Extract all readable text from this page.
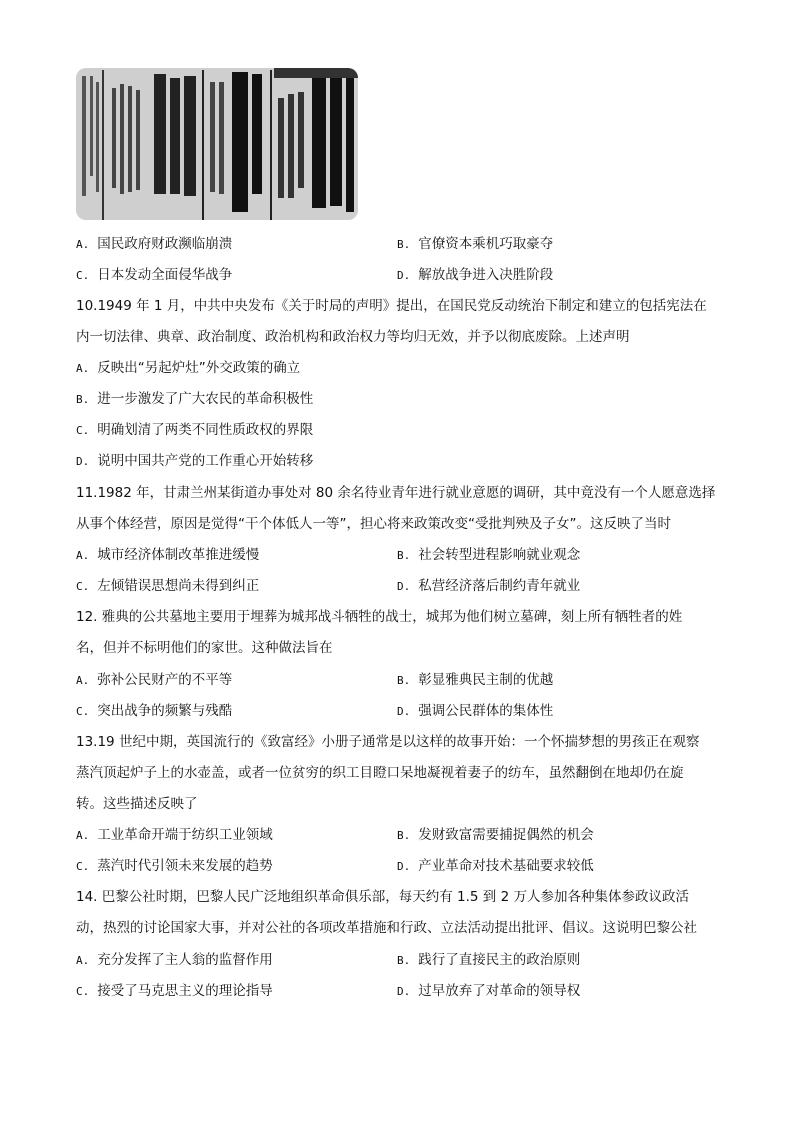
A. 国民政府财政濒临崩溃	B. 官僚资本乘机巧取豪夺
C. 日本发动全面侵华战争	D. 解放战争进入决胜阶段
10.1949 年 1 月，中共中央发布《关于时局的声明》提出，在国民党反动统治下制定和建立的包括宪法在
内一切法律、典章、政治制度、政治机构和政治权力等均归无效，并予以彻底废除。上述声明
A. 反映出“另起炉灶”外交政策的确立
B. 进一步激发了广大农民的革命积极性
C. 明确划清了两类不同性质政权的界限
D. 说明中国共产党的工作重心开始转移
11.1982 年，甘肃兰州某街道办事处对 80 余名待业青年进行就业意愿的调研，其中竟没有一个人愿意选择
从事个体经营，原因是觉得“干个体低人一等”，担心将来政策改变“受批判殃及子女”。这反映了当时
A. 城市经济体制改革推进缓慢	B. 社会转型进程影响就业观念
C. 左倾错误思想尚未得到纠正	D. 私营经济落后制约青年就业
12. 雅典的公共墓地主要用于埋葬为城邦战斗牺牲的战士，城邦为他们树立墓碑，刻上所有牺牲者的姓
名，但并不标明他们的家世。这种做法旨在
A. 弥补公民财产的不平等	B. 彰显雅典民主制的优越
C. 突出战争的频繁与残酷	D. 强调公民群体的集体性
13.19 世纪中期，英国流行的《致富经》小册子通常是以这样的故事开始：一个怀揣梦想的男孩正在观察
蒸汽顶起炉子上的水壶盖，或者一位贫穷的织工目瞪口呆地凝视着妻子的纺车，虽然翻倒在地却仍在旋
转。这些描述反映了
A. 工业革命开端于纺织工业领域	B. 发财致富需要捕捉偶然的机会
C. 蒸汽时代引领未来发展的趋势	D. 产业革命对技术基础要求较低
14. 巴黎公社时期，巴黎人民广泛地组织革命俱乐部，每天约有 1.5 到 2 万人参加各种集体参政议政活
动，热烈的讨论国家大事，并对公社的各项改革措施和行政、立法活动提出批评、倡议。这说明巴黎公社
A. 充分发挥了主人翁的监督作用	B. 践行了直接民主的政治原则
C. 接受了马克思主义的理论指导	D. 过早放弃了对革命的领导权
